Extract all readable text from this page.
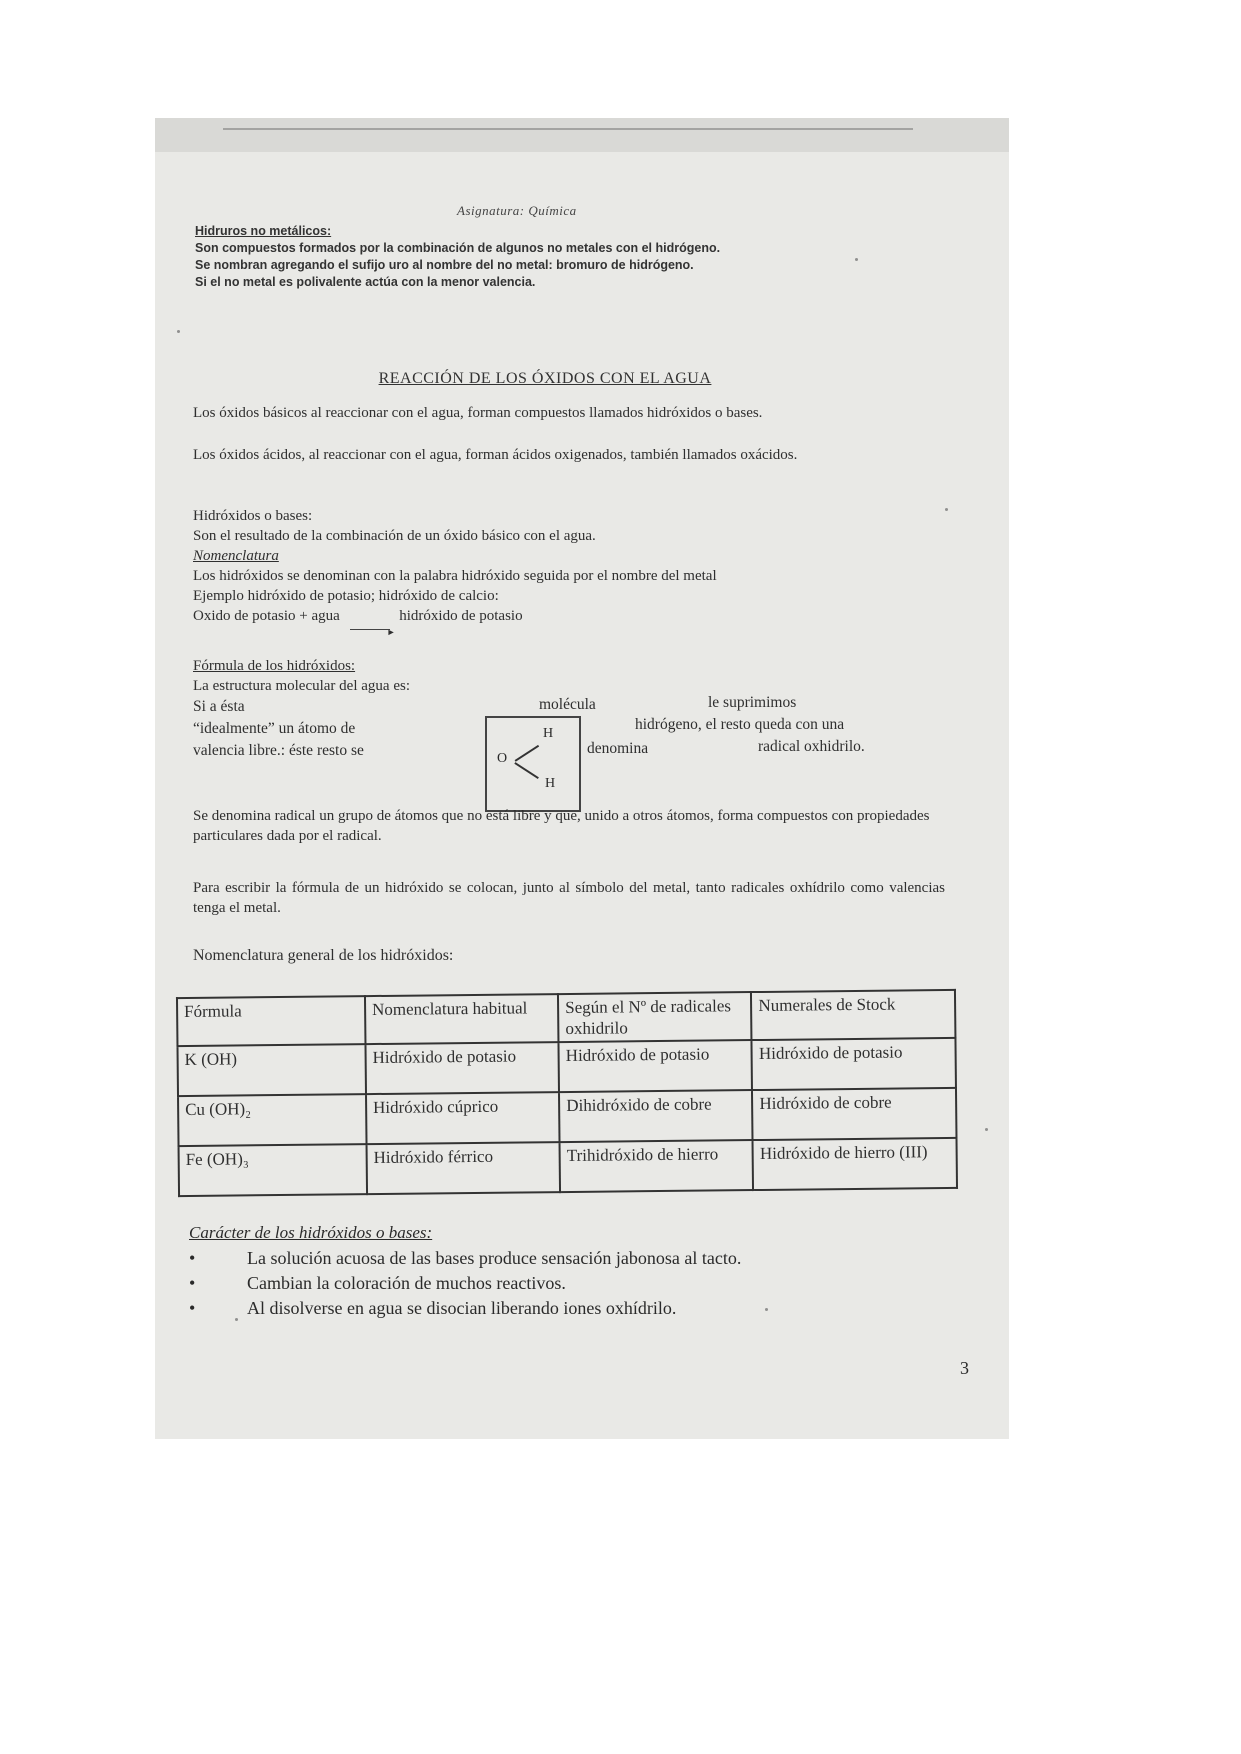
Asignatura: Química
Hidruros no metálicos:
Son compuestos formados por la combinación de algunos no metales con el hidrógeno.
Se nombran agregando el sufijo uro al nombre del no metal: bromuro de hidrógeno.
Si el no metal es polivalente actúa con la menor valencia.
REACCIÓN DE LOS ÓXIDOS CON EL AGUA
Los óxidos básicos al reaccionar con el agua, forman compuestos llamados hidróxidos o bases.
Los óxidos ácidos, al reaccionar con el agua, forman ácidos oxigenados, también llamados oxácidos.
Hidróxidos o bases:
Son el resultado de la combinación de un óxido básico con el agua.
Nomenclatura
Los hidróxidos se denominan con la palabra hidróxido seguida por el nombre del metal
Ejemplo hidróxido de potasio; hidróxido de calcio:
Oxido de potasio + agua ►	hidróxido de potasio
Fórmula de los hidróxidos:
La estructura molecular del agua es:
Si a ésta
“idealmente” un átomo de
valencia libre.: éste resto se
molécula
denomina
le suprimimos
hidrógeno, el resto queda con una
radical oxhidrilo.
O
H
H
Se denomina radical un grupo de átomos que no está libre y que, unido a otros átomos, forma compuestos con propiedades particulares dada por el radical.
Para escribir la fórmula de un hidróxido se colocan, junto al símbolo del metal, tanto radicales oxhídrilo como valencias tenga el metal.
Nomenclatura general de los hidróxidos:
Fórmula	Nomenclatura habitual	Según el Nº de radicales oxhidrilo	Numerales de Stock
K (OH)	Hidróxido de potasio	Hidróxido de potasio	Hidróxido de potasio
Cu (OH)₂	Hidróxido cúprico	Dihidróxido de cobre	Hidróxido de cobre
Fe (OH)₃	Hidróxido férrico	Trihidróxido de hierro	Hidróxido de hierro (III)
Carácter de los hidróxidos o bases:
• La solución acuosa de las bases produce sensación jabonosa al tacto.
• Cambian la coloración de muchos reactivos.
• Al disolverse en agua se disocian liberando iones oxhídrilo.
3
